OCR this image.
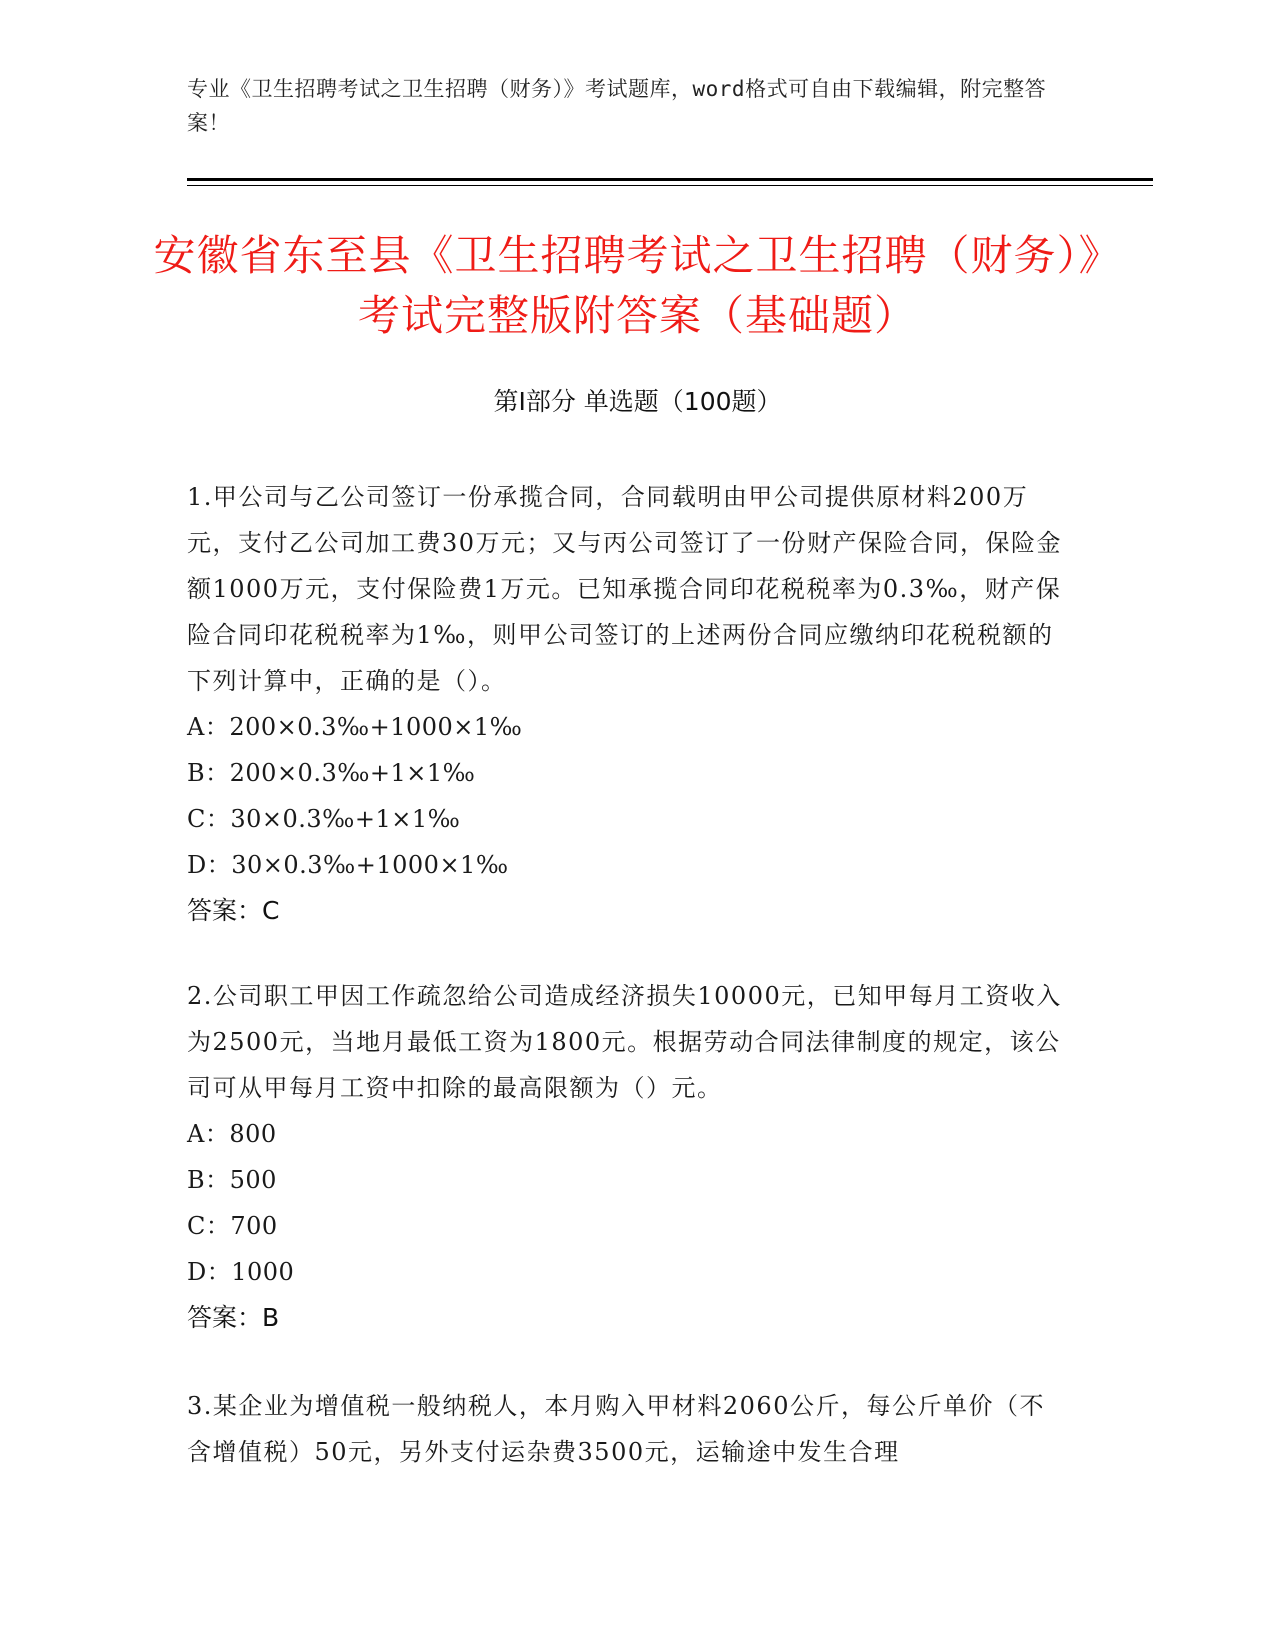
专业《卫生招聘考试之卫生招聘（财务）》考试题库，word格式可自由下载编辑，附完整答案！
安徽省东至县《卫生招聘考试之卫生招聘（财务）》考试完整版附答案（基础题）
第Ⅰ部分 单选题（100题）

1.甲公司与乙公司签订一份承揽合同，合同载明由甲公司提供原材料200万元，支付乙公司加工费30万元；又与丙公司签订了一份财产保险合同，保险金额1000万元，支付保险费1万元。已知承揽合同印花税税率为0.3‰，财产保险合同印花税税率为1‰，则甲公司签订的上述两份合同应缴纳印花税税额的下列计算中，正确的是（）。

A：200×0.3‰+1000×1‰

B：200×0.3‰+1×1‰

C：30×0.3‰+1×1‰

D：30×0.3‰+1000×1‰

答案：C

2.公司职工甲因工作疏忽给公司造成经济损失10000元，已知甲每月工资收入为2500元，当地月最低工资为1800元。根据劳动合同法律制度的规定，该公司可从甲每月工资中扣除的最高限额为（）元。

A：800

B：500

C：700

D：1000

答案：B

3.某企业为增值税一般纳税人，本月购入甲材料2060公斤，每公斤单价（不含增值税）50元，另外支付运杂费3500元，运输途中发生合理
